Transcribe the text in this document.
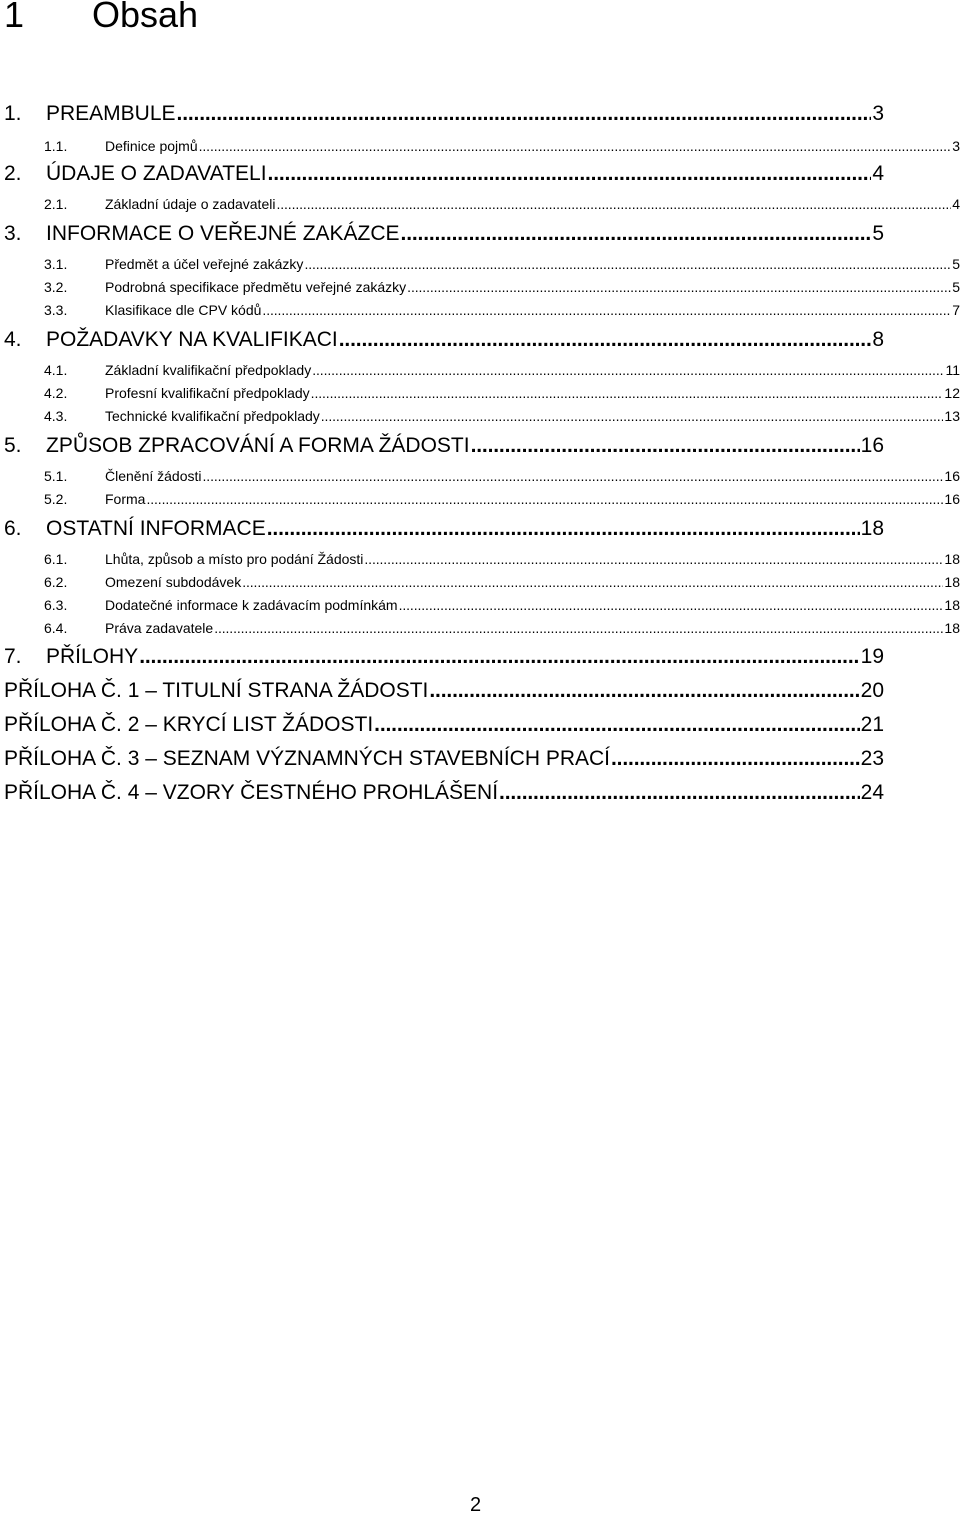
1 Obsah
1.	PREAMBULE . . .	3
1.1.	Definice pojmů . . .	3
2.	ÚDAJE O ZADAVATELI . . .	4
2.1.	Základní údaje o zadavateli . . .	4
3.	INFORMACE O VEŘEJNÉ ZAKÁZCE . . .	5
3.1.	Předmět a účel veřejné zakázky . . .	5
3.2.	Podrobná specifikace předmětu veřejné zakázky . . .	5
3.3.	Klasifikace dle CPV kódů . . .	7
4.	POŽADAVKY NA KVALIFIKACI . . .	8
4.1.	Základní kvalifikační předpoklady . . .	11
4.2.	Profesní kvalifikační předpoklady . . .	12
4.3.	Technické kvalifikační předpoklady . . .	13
5.	ZPŮSOB ZPRACOVÁNÍ A FORMA ŽÁDOSTI . . .	16
5.1.	Členění žádosti . . .	16
5.2.	Forma . . .	16
6.	OSTATNÍ INFORMACE . . .	18
6.1.	Lhůta, způsob a místo pro podání Žádosti . . .	18
6.2.	Omezení subdodávek . . .	18
6.3.	Dodatečné informace k zadávacím podmínkám . . .	18
6.4.	Práva zadavatele . . .	18
7.	PŘÍLOHY . . .	19
PŘÍLOHA Č. 1 – TITULNÍ STRANA ŽÁDOSTI . . .	20
PŘÍLOHA Č. 2 – KRYCÍ LIST ŽÁDOSTI . . .	21
PŘÍLOHA Č. 3 – SEZNAM VÝZNAMNÝCH STAVEBNÍCH PRACÍ . . .	23
PŘÍLOHA Č. 4 – VZORY ČESTNÉHO PROHLÁŠENÍ . . .	24
2
